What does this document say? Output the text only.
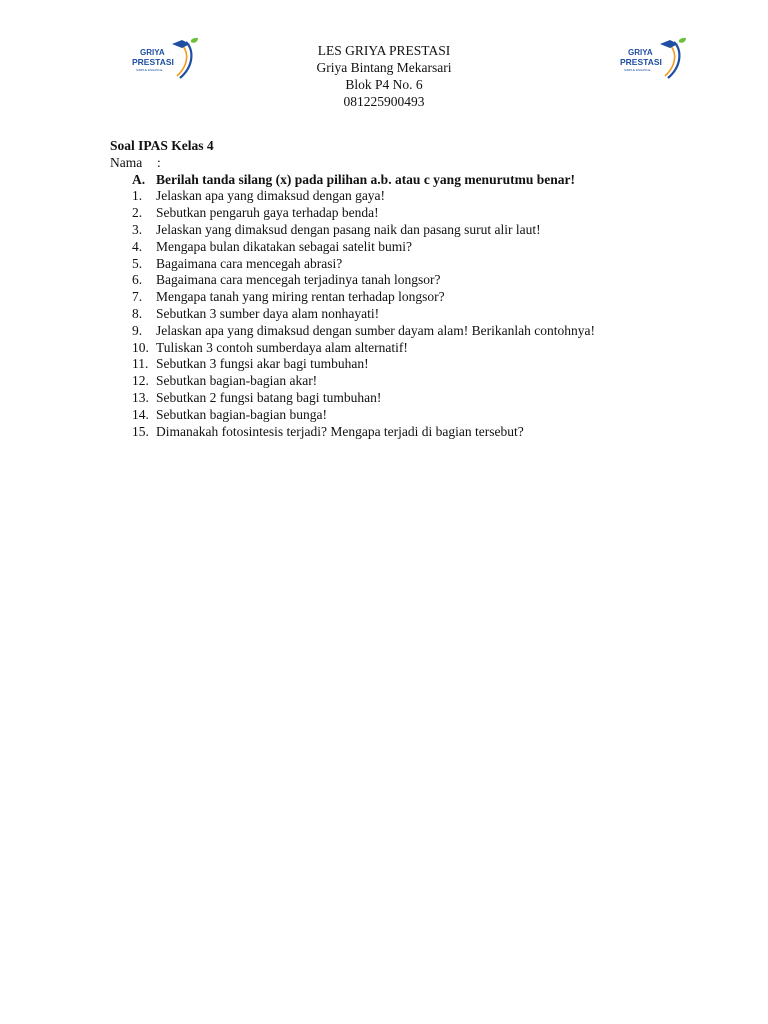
GRIYA
PRESTASI
SIMPLE ENHANCE
GRIYA
PRESTASI
SIMPLE ENHANCE
LES GRIYA PRESTASI
Griya Bintang Mekarsari
Blok P4 No. 6
081225900493
Soal IPAS Kelas 4
Nama	:
A. Berilah tanda silang (x) pada pilihan a.b. atau c yang menurutmu benar!
1.	Jelaskan apa yang dimaksud dengan gaya!
2.	Sebutkan pengaruh gaya terhadap benda!
3.	Jelaskan yang dimaksud dengan pasang naik dan pasang surut alir laut!
4.	Mengapa bulan dikatakan sebagai satelit bumi?
5.	Bagaimana cara mencegah abrasi?
6.	Bagaimana cara mencegah terjadinya tanah longsor?
7.	Mengapa tanah yang miring rentan terhadap longsor?
8.	Sebutkan 3 sumber daya alam nonhayati!
9.	Jelaskan apa yang dimaksud dengan sumber dayam alam! Berikanlah contohnya!
10. Tuliskan 3 contoh sumberdaya alam alternatif!
11. Sebutkan 3 fungsi akar bagi tumbuhan!
12. Sebutkan bagian-bagian akar!
13. Sebutkan 2 fungsi batang bagi tumbuhan!
14. Sebutkan bagian-bagian bunga!
15. Dimanakah fotosintesis terjadi? Mengapa terjadi di bagian tersebut?
